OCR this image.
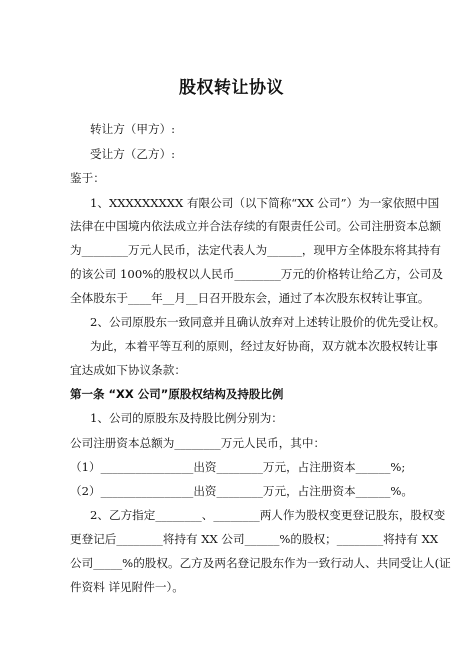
股权转让协议
转让方（甲方）:
受让方（乙方）:
鉴于：
1、XXXXXXXXX 有限公司（以下简称“XX 公司”）为一家依照中国
法律在中国境内依法成立并合法存续的有限责任公司。公司注册资本总额
为________万元人民币，法定代表人为______，现甲方全体股东将其持有
的该公司 100%的股权以人民币________万元的价格转让给乙方，公司及
全体股东于____年__月__日召开股东会，通过了本次股东权转让事宜。
2、公司原股东一致同意并且确认放弃对上述转让股价的优先受让权。
为此，本着平等互利的原则，经过友好协商，双方就本次股权转让事
宜达成如下协议条款：
第一条 “XX 公司”原股权结构及持股比例
1、公司的原股东及持股比例分别为：
公司注册资本总额为________万元人民币，其中：
（1）________________出资________万元，占注册资本______%;
（2）________________出资________万元，占注册资本______%。
2、乙方指定________、________两人作为股权变更登记股东，股权变
更登记后________将持有 XX 公司______%的股权；________将持有 XX
公司_____%的股权。乙方及两名登记股东作为一致行动人、共同受让人(证
件资料 详见附件一）。
